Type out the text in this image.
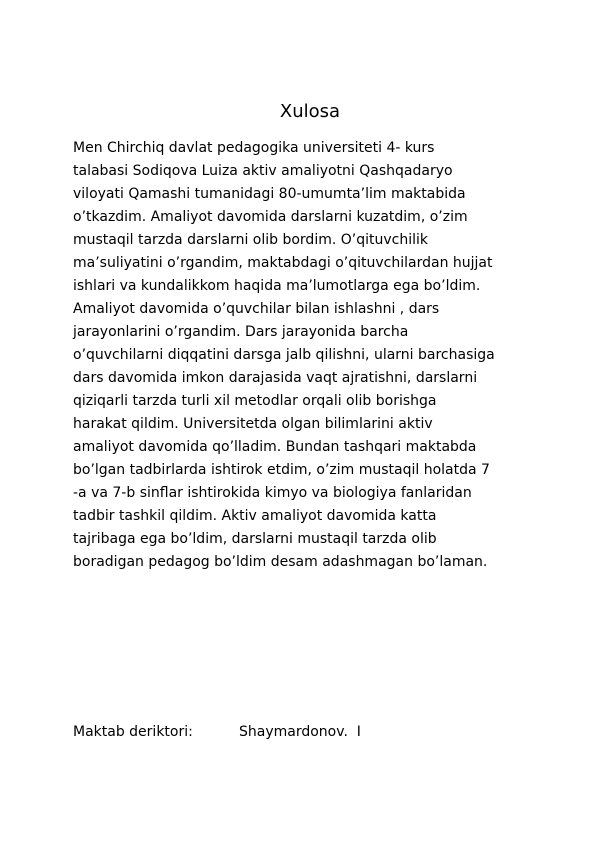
Xulosa
Men Chirchiq davlat pedagogika universiteti 4- kurs
talabasi Sodiqova Luiza aktiv amaliyotni Qashqadaryo
viloyati Qamashi tumanidagi 80-umumta’lim maktabida
o’tkazdim. Amaliyot davomida darslarni kuzatdim, o’zim
mustaqil tarzda darslarni olib bordim. O’qituvchilik
ma’suliyatini o’rgandim, maktabdagi o’qituvchilardan hujjat
ishlari va kundalikkom haqida ma’lumotlarga ega bo’ldim.
Amaliyot davomida o’quvchilar bilan ishlashni , dars
jarayonlarini o’rgandim. Dars jarayonida barcha
o’quvchilarni diqqatini darsga jalb qilishni, ularni barchasiga
dars davomida imkon darajasida vaqt ajratishni, darslarni
qiziqarli tarzda turli xil metodlar orqali olib borishga
harakat qildim. Universitetda olgan bilimlarini aktiv
amaliyot davomida qo’lladim. Bundan tashqari maktabda
bo’lgan tadbirlarda ishtirok etdim, o’zim mustaqil holatda 7
-a va 7-b sinflar ishtirokida kimyo va biologiya fanlaridan
tadbir tashkil qildim. Aktiv amaliyot davomida katta
tajribaga ega bo’ldim, darslarni mustaqil tarzda olib
boradigan pedagog bo’ldim desam adashmagan bo’laman.
Maktab deriktori:	Shaymardonov.  I
